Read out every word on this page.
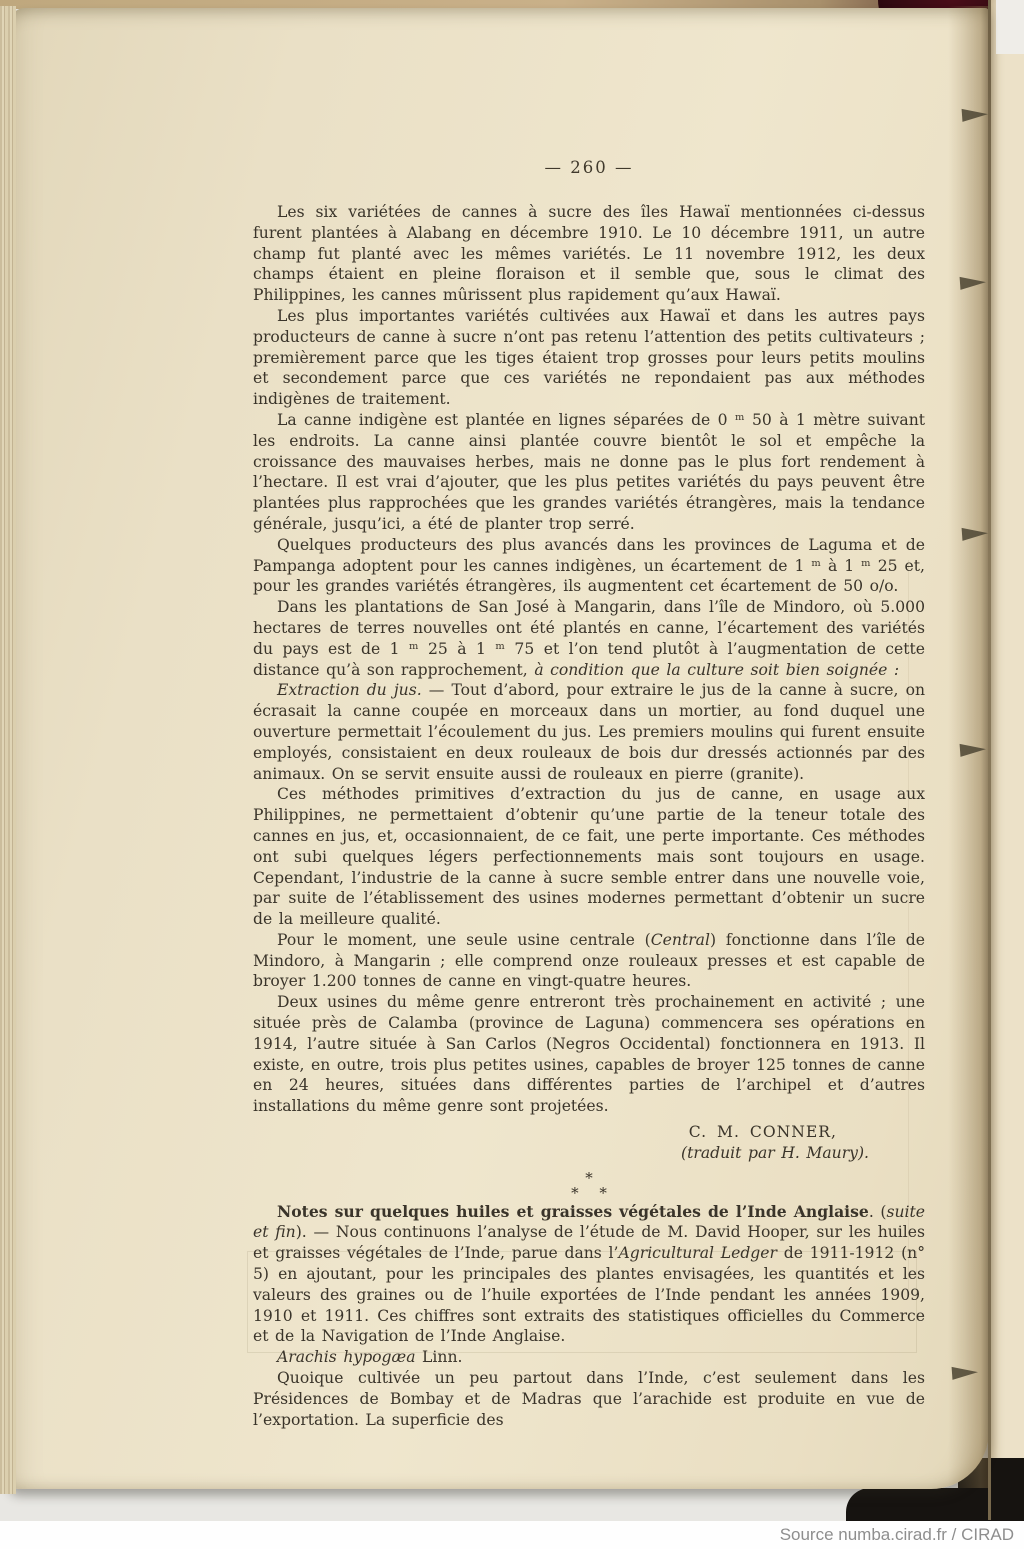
— 260 —

Les six variétées de cannes à sucre des îles Hawaï mentionnées ci-dessus furent plantées à Alabang en décembre 1910. Le 10 décembre 1911, un autre champ fut planté avec les mêmes variétés. Le 11 novembre 1912, les deux champs étaient en pleine floraison et il semble que, sous le climat des Philippines, les cannes mûrissent plus rapidement qu’aux Hawaï.

Les plus importantes variétés cultivées aux Hawaï et dans les autres pays producteurs de canne à sucre n’ont pas retenu l’attention des petits cultivateurs ; premièrement parce que les tiges étaient trop grosses pour leurs petits moulins et secondement parce que ces variétés ne repondaient pas aux méthodes indigènes de traitement.

La canne indigène est plantée en lignes séparées de 0 ᵐ 50 à 1 mètre suivant les endroits. La canne ainsi plantée couvre bientôt le sol et empêche la croissance des mauvaises herbes, mais ne donne pas le plus fort rendement à l’hectare. Il est vrai d’ajouter, que les plus petites variétés du pays peuvent être plantées plus rapprochées que les grandes variétés étrangères, mais la tendance générale, jusqu’ici, a été de planter trop serré.

Quelques producteurs des plus avancés dans les provinces de Laguma et de Pampanga adoptent pour les cannes indigènes, un écartement de 1 ᵐ à 1 ᵐ 25 et, pour les grandes variétés étrangères, ils augmentent cet écartement de 50 o/o.

Dans les plantations de San José à Mangarin, dans l’île de Mindoro, où 5.000 hectares de terres nouvelles ont été plantés en canne, l’écartement des variétés du pays est de 1 ᵐ 25 à 1 ᵐ 75 et l’on tend plutôt à l’augmentation de cette distance qu’à son rapprochement, à condition que la culture soit bien soignée :

Extraction du jus. — Tout d’abord, pour extraire le jus de la canne à sucre, on écrasait la canne coupée en morceaux dans un mortier, au fond duquel une ouverture permettait l’écoulement du jus. Les premiers moulins qui furent ensuite employés, consistaient en deux rouleaux de bois dur dressés actionnés par des animaux. On se servit ensuite aussi de rouleaux en pierre (granite).

Ces méthodes primitives d’extraction du jus de canne, en usage aux Philippines, ne permettaient d’obtenir qu’une partie de la teneur totale des cannes en jus, et, occasionnaient, de ce fait, une perte importante. Ces méthodes ont subi quelques légers perfectionnements mais sont toujours en usage. Cependant, l’industrie de la canne à sucre semble entrer dans une nouvelle voie, par suite de l’établissement des usines modernes permettant d’obtenir un sucre de la meilleure qualité.

Pour le moment, une seule usine centrale (Central) fonctionne dans l’île de Mindoro, à Mangarin ; elle comprend onze rouleaux presses et est capable de broyer 1.200 tonnes de canne en vingt-quatre heures.

Deux usines du même genre entreront très prochainement en activité ; une située près de Calamba (province de Laguna) commencera ses opérations en 1914, l’autre située à San Carlos (Negros Occidental) fonctionnera en 1913. Il existe, en outre, trois plus petites usines, capables de broyer 125 tonnes de canne en 24 heures, situées dans différentes parties de l’archipel et d’autres installations du même genre sont projetées.

C. M. CONNER,
(traduit par H. Maury).
*
* *

Notes sur quelques huiles et graisses végétales de l’Inde Anglaise. (suite et fin). — Nous continuons l’analyse de l’étude de M. David Hooper, sur les huiles et graisses végétales de l’Inde, parue dans l’Agricultural Ledger de 1911-1912 (n° 5) en ajoutant, pour les principales des plantes envisagées, les quantités et les valeurs des graines ou de l’huile exportées de l’Inde pendant les années 1909, 1910 et 1911. Ces chiffres sont extraits des statistiques officielles du Commerce et de la Navigation de l’Inde Anglaise.

Arachis hypogæa Linn.

Quoique cultivée un peu partout dans l’Inde, c’est seulement dans les Présidences de Bombay et de Madras que l’arachide est produite en vue de l’exportation. La superficie des

Source numba.cirad.fr / CIRAD
